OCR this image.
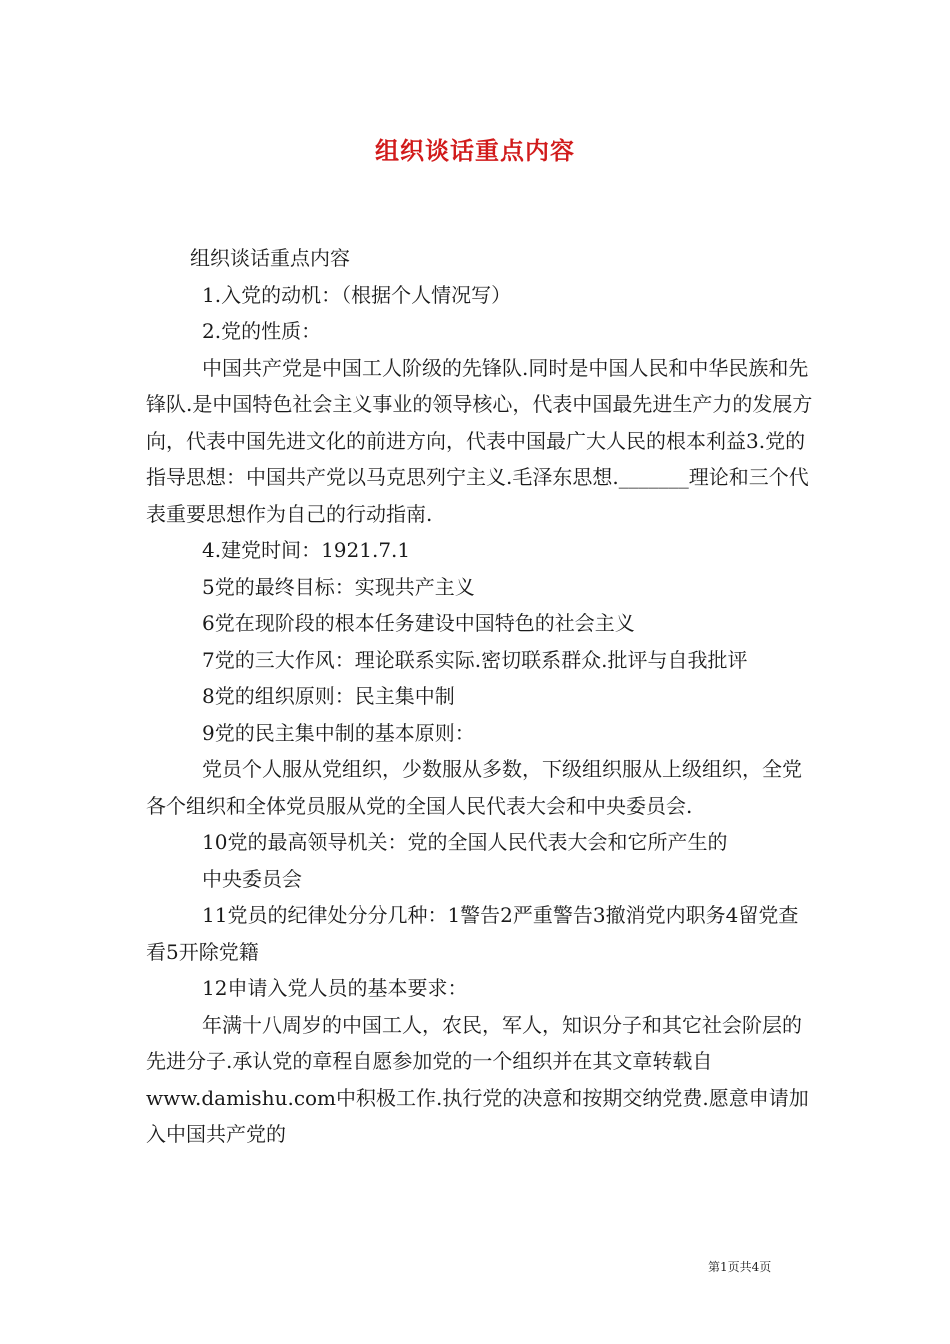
组织谈话重点内容

组织谈话重点内容

1.入党的动机：（根据个人情况写）

2.党的性质：

中国共产党是中国工人阶级的先锋队.同时是中国人民和中华民族和先锋队.是中国特色社会主义事业的领导核心，代表中国最先进生产力的发展方向，代表中国先进文化的前进方向，代表中国最广大人民的根本利益3.党的指导思想：中国共产党以马克思列宁主义.毛泽东思想._______理论和三个代表重要思想作为自己的行动指南.

4.建党时间：1921.7.1

5党的最终目标：实现共产主义

6党在现阶段的根本任务建设中国特色的社会主义

7党的三大作风：理论联系实际.密切联系群众.批评与自我批评

8党的组织原则：民主集中制

9党的民主集中制的基本原则：

党员个人服从党组织，少数服从多数，下级组织服从上级组织，全党各个组织和全体党员服从党的全国人民代表大会和中央委员会.

10党的最高领导机关：党的全国人民代表大会和它所产生的

中央委员会

11党员的纪律处分分几种：1警告2严重警告3撤消党内职务4留党查看5开除党籍

12申请入党人员的基本要求：

年满十八周岁的中国工人，农民，军人，知识分子和其它社会阶层的先进分子.承认党的章程自愿参加党的一个组织并在其文章转载自www.damishu.com中积极工作.执行党的决意和按期交纳党费.愿意申请加入中国共产党的

第1页共4页
